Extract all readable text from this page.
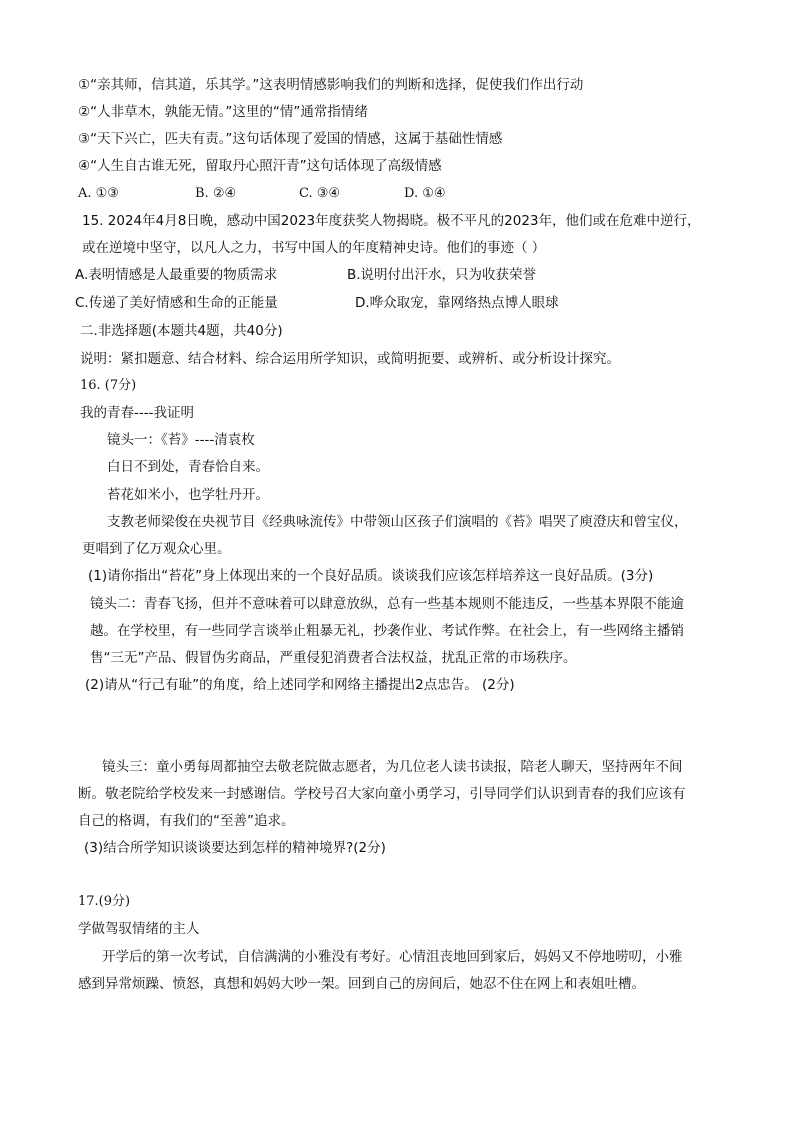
①“亲其师，信其道，乐其学。”这表明情感影响我们的判断和选择，促使我们作出行动
②“人非草木，孰能无情。”这里的“情”通常指情绪
③“天下兴亡，匹夫有责。”这句话体现了爱国的情感，这属于基础性情感
④“人生自古谁无死，留取丹心照汗青”这句话体现了高级情感
A. ①③	B. ②④	C. ③④	D. ①④
15. 2024年4月8日晚，感动中国2023年度获奖人物揭晓。极不平凡的2023年，他们或在危难中逆行，
或在逆境中坚守，以凡人之力，书写中国人的年度精神史诗。他们的事迹（ ）
A.表明情感是人最重要的物质需求	B.说明付出汗水，只为收获荣誉
C.传递了美好情感和生命的正能量	D.哗众取宠，靠网络热点博人眼球
二.非选择题(本题共4题，共40分)
说明：紧扣题意、结合材料、综合运用所学知识，或简明扼要、或辨析、或分析设计探究。
16. (7分)
我的青春----我证明
镜头一：《苔》----清袁枚
白日不到处，青春恰自来。
苔花如米小，也学牡丹开。
支教老师梁俊在央视节目《经典咏流传》中带领山区孩子们演唱的《苔》唱哭了庾澄庆和曾宝仪，
更唱到了亿万观众心里。
(1)请你指出“苔花”身上体现出来的一个良好品质。谈谈我们应该怎样培养这一良好品质。(3分)
镜头二：青春飞扬，但并不意味着可以肆意放纵，总有一些基本规则不能违反，一些基本界限不能逾
越。在学校里，有一些同学言谈举止粗暴无礼，抄袭作业、考试作弊。在社会上，有一些网络主播销
售“三无”产品、假冒伪劣商品，严重侵犯消费者合法权益，扰乱正常的市场秩序。
(2)请从“行己有耻”的角度，给上述同学和网络主播提出2点忠告。 (2分)
镜头三：童小勇每周都抽空去敬老院做志愿者，为几位老人读书读报，陪老人聊天，坚持两年不间
断。敬老院给学校发来一封感谢信。学校号召大家向童小勇学习，引导同学们认识到青春的我们应该有
自己的格调，有我们的“至善”追求。
(3)结合所学知识谈谈要达到怎样的精神境界?(2分)
17.(9分)
学做驾驭情绪的主人
开学后的第一次考试，自信满满的小雅没有考好。心情沮丧地回到家后，妈妈又不停地唠叨，小雅
感到异常烦躁、愤怒，真想和妈妈大吵一架。回到自己的房间后，她忍不住在网上和表姐吐槽。
